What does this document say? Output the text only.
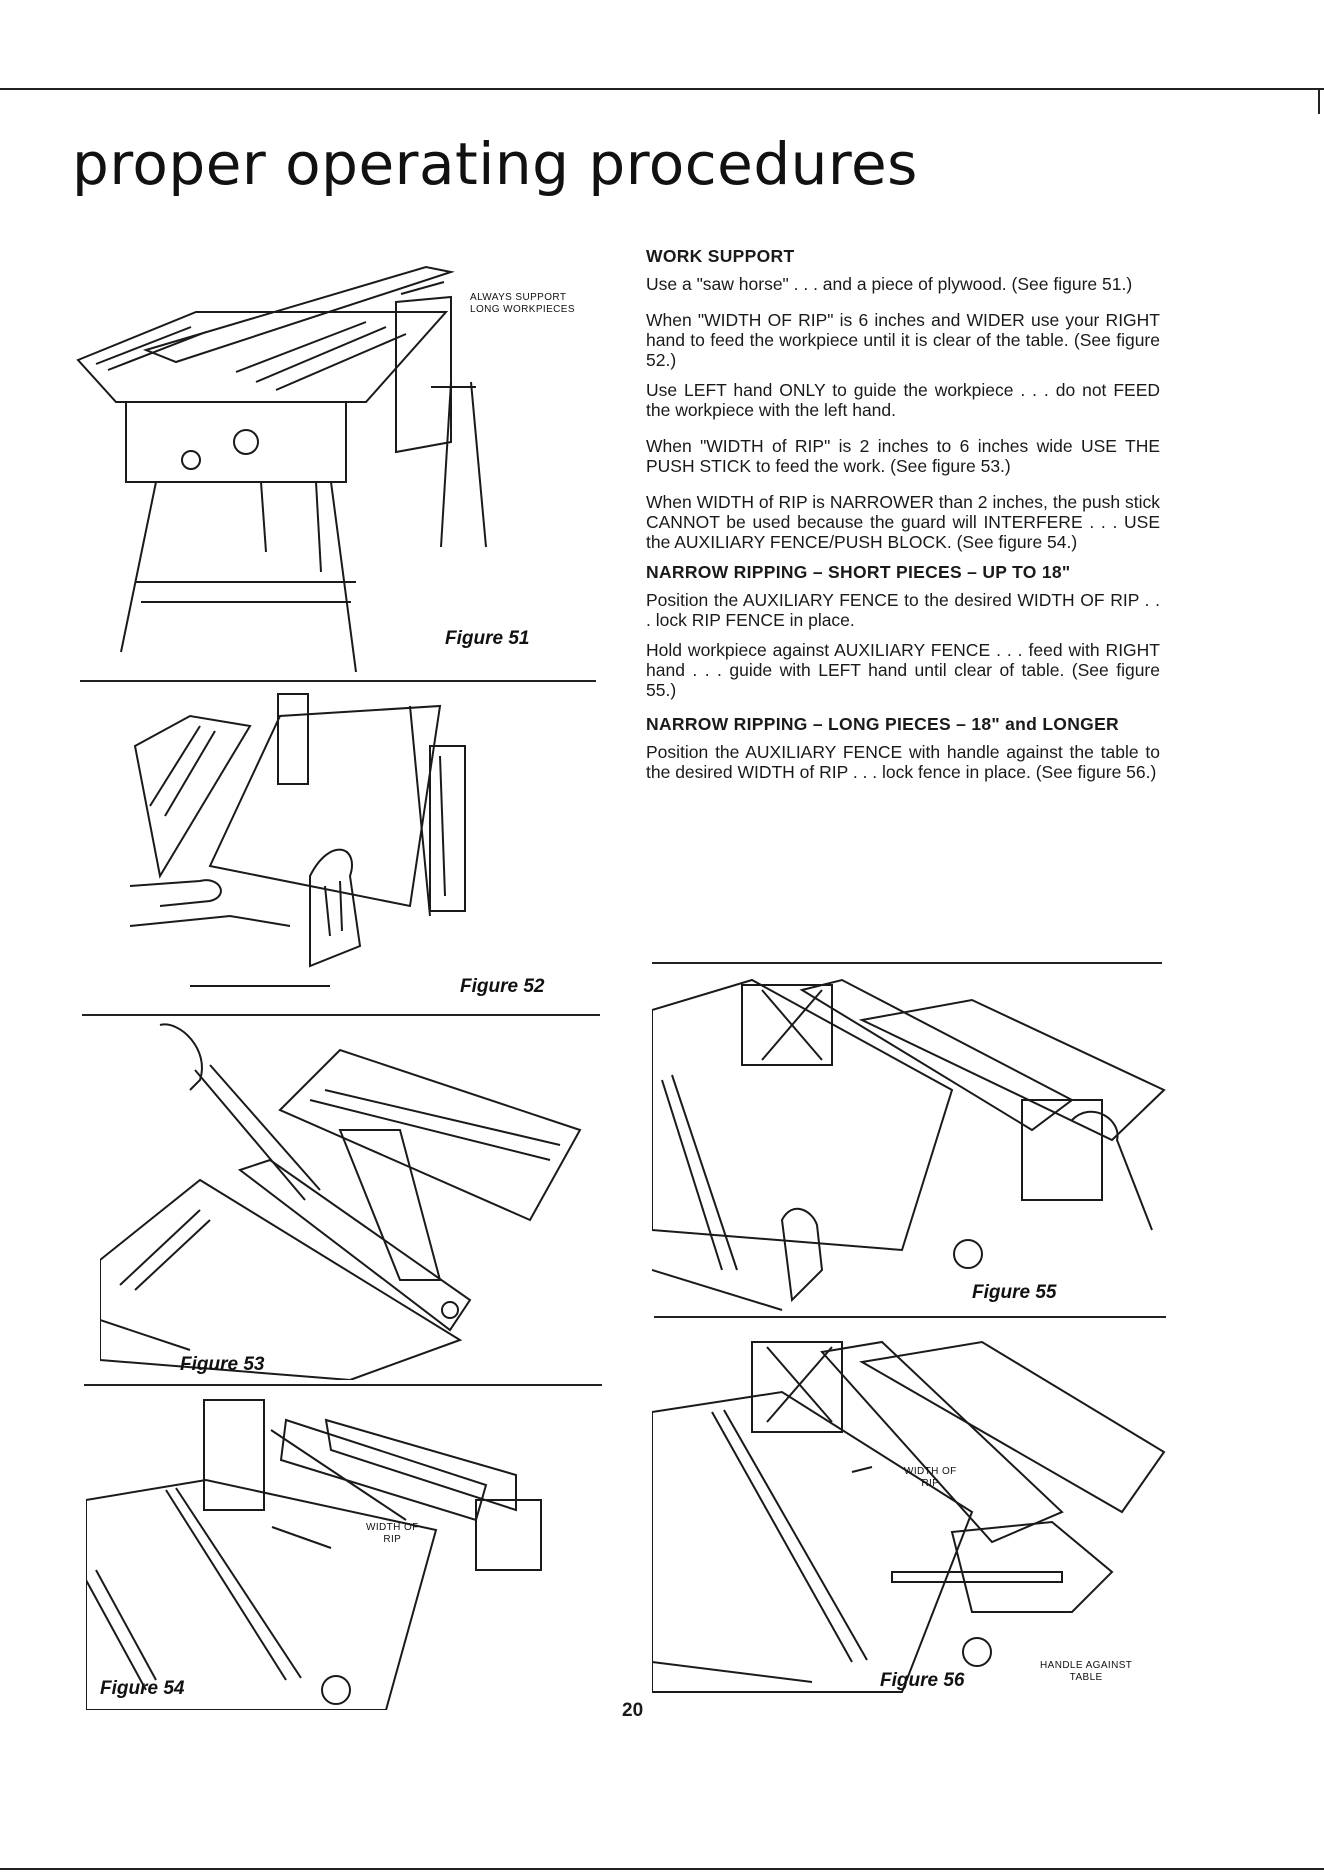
proper operating procedures
ALWAYS SUPPORT
LONG WORKPIECES
Figure 51
Figure 52
Figure 53
WIDTH OF
RIP
Figure 54
WORK SUPPORT

Use a "saw horse" . . . and a piece of plywood. (See figure 51.)

When "WIDTH OF RIP" is 6 inches and WIDER use your RIGHT hand to feed the workpiece until it is clear of the table. (See figure 52.)

Use LEFT hand ONLY to guide the workpiece . . . do not FEED the workpiece with the left hand.

When "WIDTH of RIP" is 2 inches to 6 inches wide USE THE PUSH STICK to feed the work. (See figure 53.)

When WIDTH of RIP is NARROWER than 2 inches, the push stick CANNOT be used because the guard will INTERFERE . . . USE the AUXILIARY FENCE/PUSH BLOCK. (See figure 54.)

NARROW RIPPING – SHORT PIECES – UP TO 18"

Position the AUXILIARY FENCE to the desired WIDTH OF RIP . . . lock RIP FENCE in place.

Hold workpiece against AUXILIARY FENCE . . . feed with RIGHT hand . . . guide with LEFT hand until clear of table. (See figure 55.)

NARROW RIPPING – LONG PIECES – 18" and LONGER

Position the AUXILIARY FENCE with handle against the table to the desired WIDTH of RIP . . . lock fence in place. (See figure 56.)

Figure 55
WIDTH OF
RIP
HANDLE AGAINST
TABLE
Figure 56
20
